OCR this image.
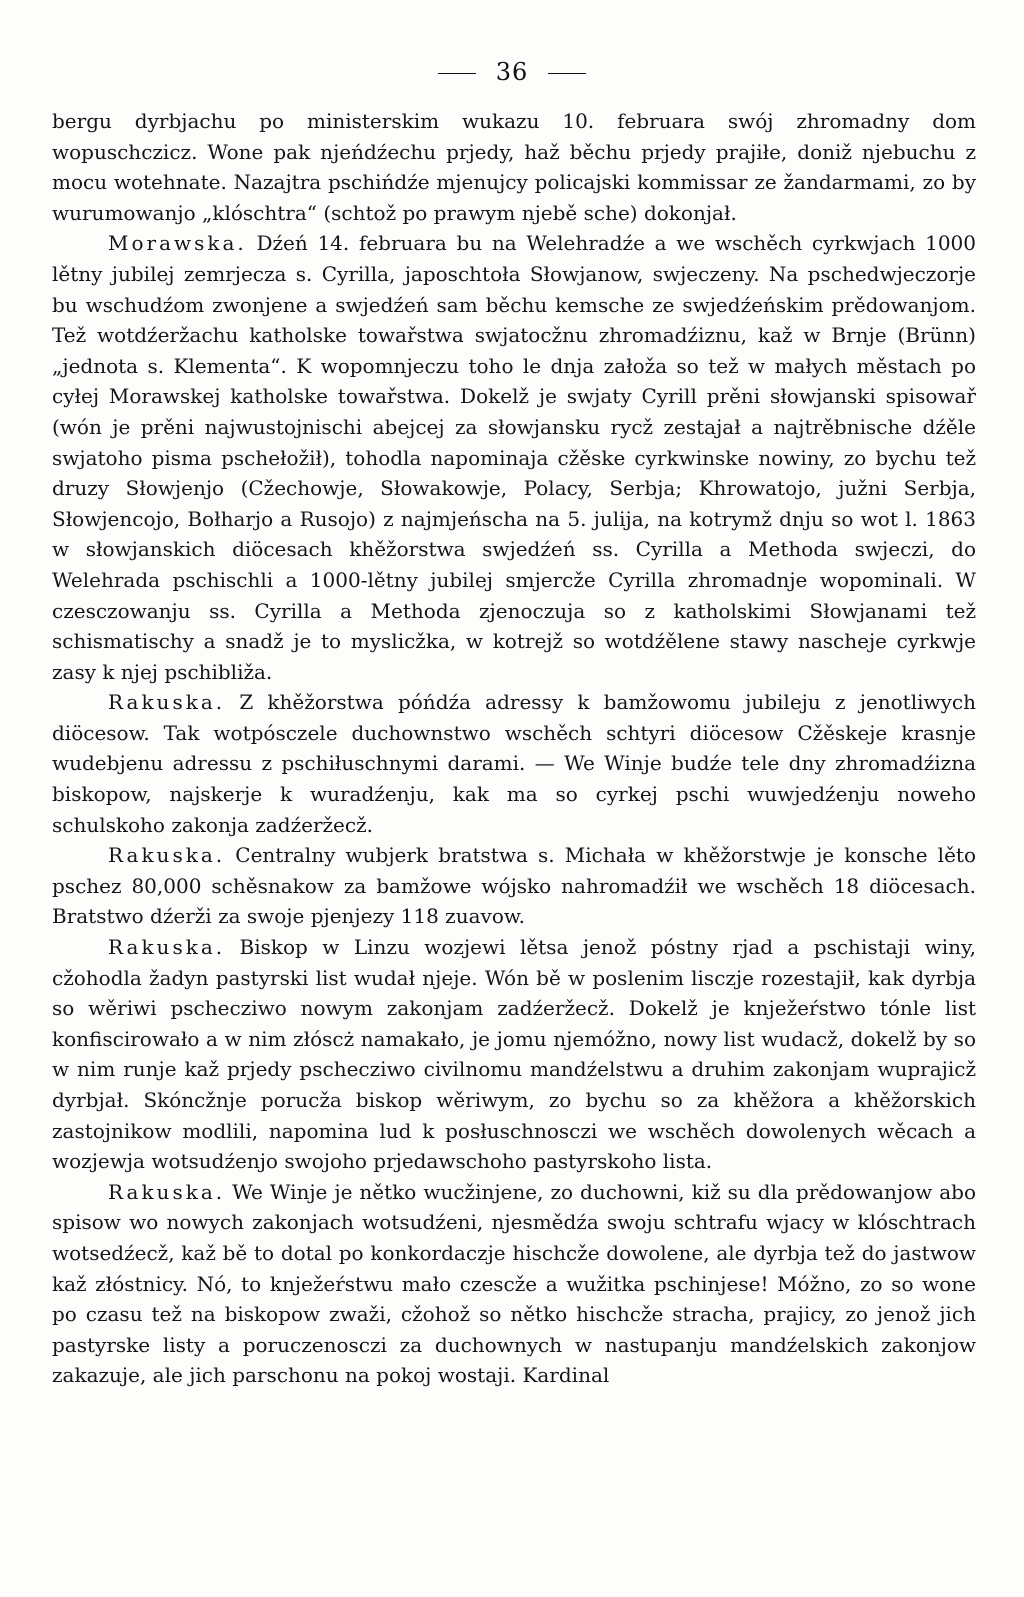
36

bergu dyrbjachu po ministerskim wukazu 10. februara swój zhromadny dom wopuschczicz. Wone pak njeńdźechu prjedy, haž běchu prjedy prajiłe, doniž njebuchu z mocu wotehnate. Nazajtra pschińdźe mjenujcy policajski kommissar ze žandarmami, zo by wurumowanjo „klóschtra“ (schtož po prawym njebě sche) dokonjał.

Morawska. Dźeń 14. februara bu na Welehradźe a we wschěch cyrkwjach 1000 lětny jubilej zemrjecza s. Cyrilla, japoschtoła Słowjanow, swjeczeny. Na pschedwjeczorje bu wschudźom zwonjene a swjedźeń sam běchu kemsche ze swjedźeńskim prědowanjom. Tež wotdźeržachu katholske towařstwa swjatocžnu zhromadźiznu, kaž w Brnje (Brünn) „jednota s. Klementa“. K wopomnjeczu toho le dnja załoža so tež w małych městach po cyłej Morawskej katholske towařstwa. Dokelž je swjaty Cyrill prěni słowjanski spisowař (wón je prěni najwustojnischi abejcej za słowjansku rycž zestajał a najtrěbnische dźěle swjatoho pisma pschełožił), tohodla napominaja cžěske cyrkwinske nowiny, zo bychu tež druzy Słowjenjo (Cžechowje, Słowakowje, Polacy, Serbja; Khrowatojo, južni Serbja, Słowjencojo, Bołharjo a Rusojo) z najmjeńscha na 5. julija, na kotrymž dnju so wot l. 1863 w słowjanskich diöcesach khěžorstwa swjedźeń ss. Cyrilla a Methoda swjeczi, do Welehrada pschischli a 1000-lětny jubilej smjercže Cyrilla zhromadnje wopominali. W czesczowanju ss. Cyrilla a Methoda zjenoczuja so z katholskimi Słowjanami tež schismatischy a snadž je to myslicžka, w kotrejž so wotdźělene stawy nascheje cyrkwje zasy k njej pschibliža.

Rakuska. Z khěžorstwa póńdźa adressy k bamžowomu jubileju z jenotliwych diöcesow. Tak wotpósczele duchownstwo wschěch schtyri diöcesow Cžěskeje krasnje wudebjenu adressu z pschiłuschnymi darami. — We Winje budźe tele dny zhromadźizna biskopow, najskerje k wuradźenju, kak ma so cyrkej pschi wuwjedźenju noweho schulskoho zakonja zadźeržecž.

Rakuska. Centralny wubjerk bratstwa s. Michała w khěžorstwje je konsche lěto pschez 80,000 schěsnakow za bamžowe wójsko nahromadźił we wschěch 18 diöcesach. Bratstwo dźerži za swoje pjenjezy 118 zuavow.

Rakuska. Biskop w Linzu wozjewi lětsa jenož póstny rjad a pschistaji winy, cžohodla žadyn pastyrski list wudał njeje. Wón bě w poslenim lisczje rozestajił, kak dyrbja so wěriwi pschecziwo nowym zakonjam zadźeržecž. Dokelž je knježeŕstwo tónle list konfiscirowało a w nim złóscż namakało, je jomu njemóžno, nowy list wudacž, dokelž by so w nim runje kaž prjedy pschecziwo civilnomu mandźelstwu a druhim zakonjam wuprajicž dyrbjał. Skóncžnje porucža biskop wěriwym, zo bychu so za khěžora a khěžorskich zastojnikow modlili, napomina lud k posłuschnosczi we wschěch dowolenych wěcach a wozjewja wotsudźenjo swojoho prjedawschoho pastyrskoho lista.

Rakuska. We Winje je nětko wucžinjene, zo duchowni, kiž su dla prědowanjow abo spisow wo nowych zakonjach wotsudźeni, njesmědźa swoju schtrafu wjacy w klóschtrach wotsedźecž, kaž bě to dotal po konkordaczje hischcže dowolene, ale dyrbja tež do jastwow kaž złóstnicy. Nó, to knježeŕstwu mało czescže a wužitka pschinjese! Móžno, zo so wone po czasu tež na biskopow zwaži, cžohož so nětko hischcže stracha, prajicy, zo jenož jich pastyrske listy a poruczenosczi za duchownych w nastupanju mandźelskich zakonjow zakazuje, ale jich parschonu na pokoj wostaji. Kardinal
